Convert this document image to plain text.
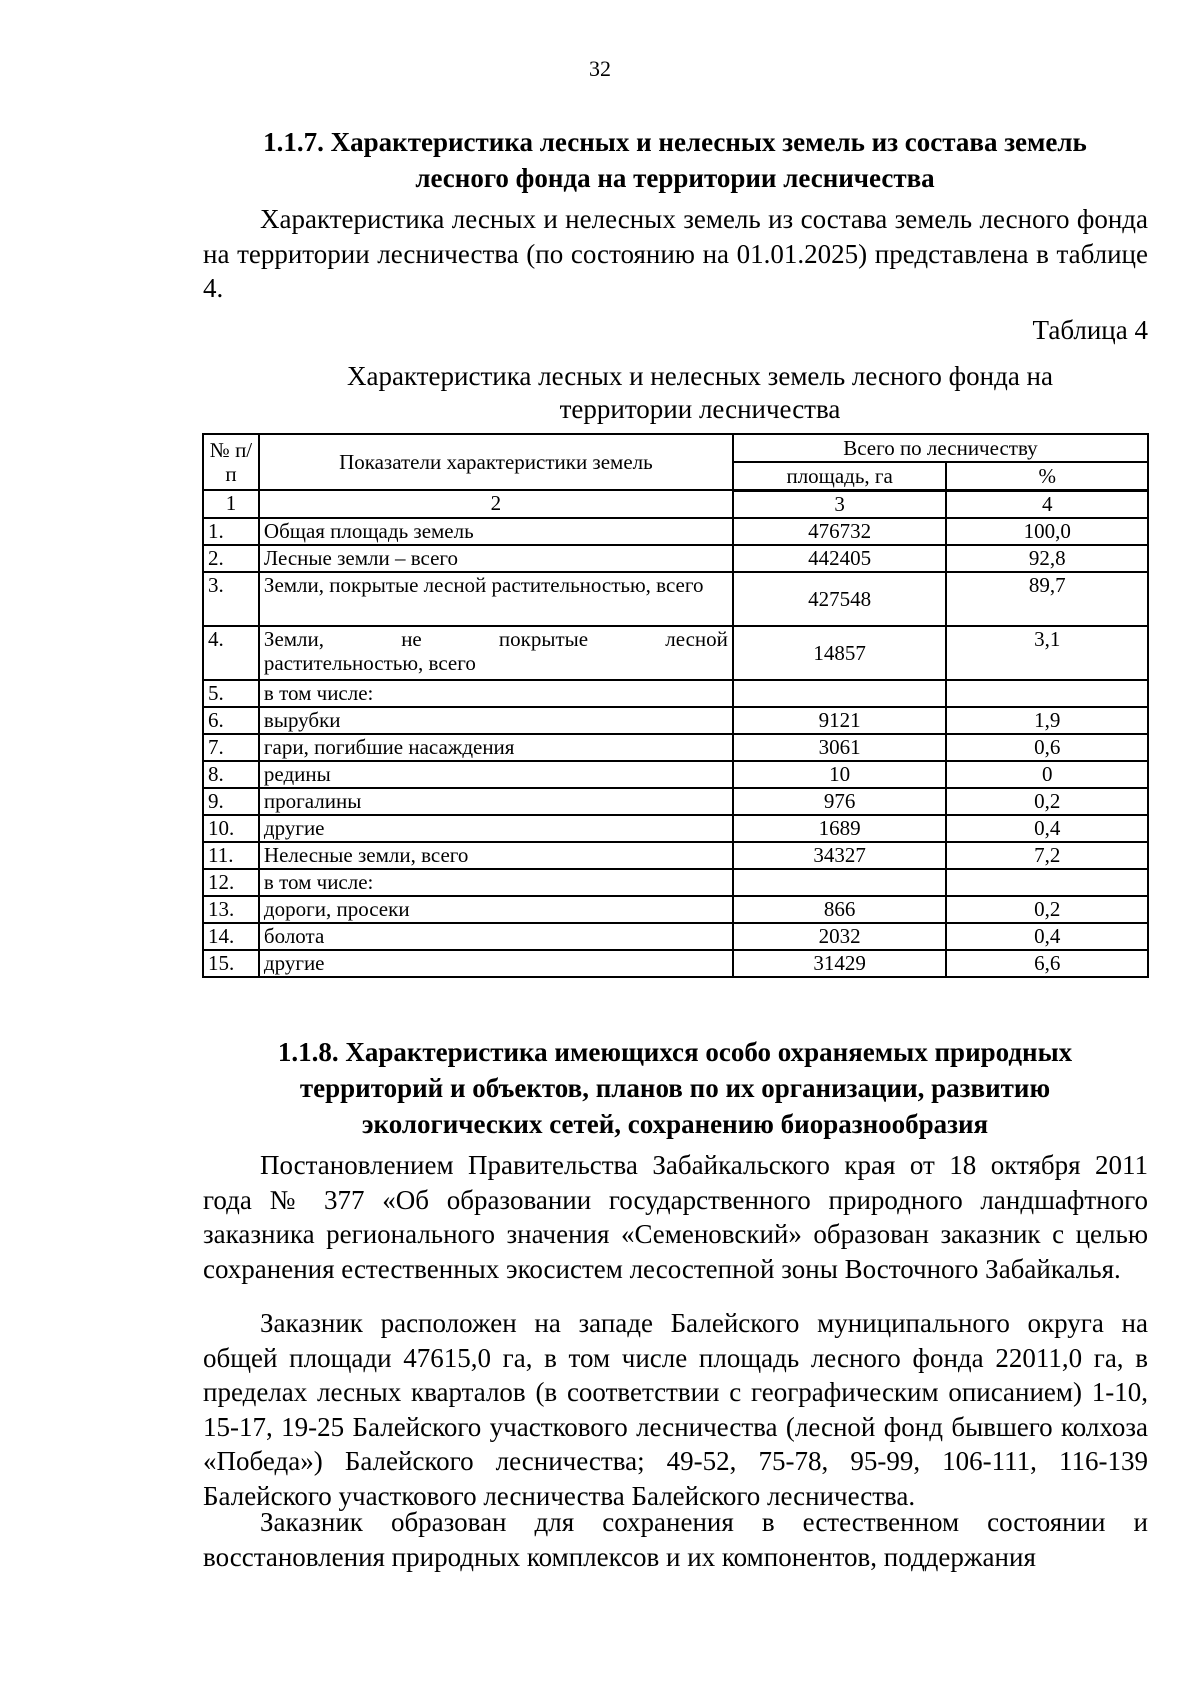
32
1.1.7. Характеристика лесных и нелесных земель из состава земель
лесного фонда на территории лесничества

Характеристика лесных и нелесных земель из состава земель лесного фонда на территории лесничества (по состоянию на 01.01.2025) представлена в таблице 4.

Таблица 4
Характеристика лесных и нелесных земель лесного фонда на
территории лесничества
№ п/п	Показатели характеристики земель	Всего по лесничеству	
		площадь, га	%
1	2	3	4
1.	Общая площадь земель	476732	100,0
2.	Лесные земли – всего	442405	92,8
3.	Земли, покрытые лесной растительностью, всего	427548	89,7
4.	Земли, не покрытые лесной
растительностью, всего	14857	3,1
5.	в том числе:		
6.	вырубки	9121	1,9
7.	гари, погибшие насаждения	3061	0,6
8.	редины	10	0
9.	прогалины	976	0,2
10.	другие	1689	0,4
11.	Нелесные земли, всего	34327	7,2
12.	в том числе:		
13.	дороги, просеки	866	0,2
14.	болота	2032	0,4
15.	другие	31429	6,6
1.1.8. Характеристика имеющихся особо охраняемых природных
территорий и объектов, планов по их организации, развитию
экологических сетей, сохранению биоразнообразия

Постановлением Правительства Забайкальского края от 18 октября 2011 года № 377 «Об образовании государственного природного ландшафтного заказника регионального значения «Семеновский» образован заказник с целью сохранения естественных экосистем лесостепной зоны Восточного Забайкалья.

Заказник расположен на западе Балейского муниципального округа на общей площади 47615,0 га, в том числе площадь лесного фонда 22011,0 га, в пределах лесных кварталов (в соответствии с географическим описанием) 1-10, 15-17, 19-25 Балейского участкового лесничества (лесной фонд бывшего колхоза «Победа») Балейского лесничества; 49-52, 75-78, 95-99, 106-111, 116-139 Балейского участкового лесничества Балейского лесничества.

Заказник образован для сохранения в естественном состоянии и восстановления природных комплексов и их компонентов, поддержания
